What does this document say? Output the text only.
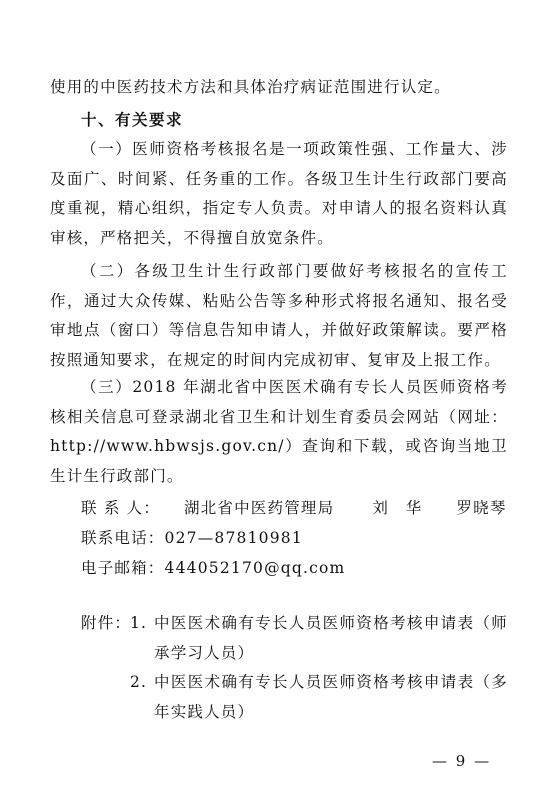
使用的中医药技术方法和具体治疗病证范围进行认定。

十、有关要求

（一）医师资格考核报名是一项政策性强、工作量大、涉及面广、时间紧、任务重的工作。各级卫生计生行政部门要高度重视，精心组织，指定专人负责。对申请人的报名资料认真审核，严格把关，不得擅自放宽条件。

（二）各级卫生计生行政部门要做好考核报名的宣传工作，通过大众传媒、粘贴公告等多种形式将报名通知、报名受审地点（窗口）等信息告知申请人，并做好政策解读。要严格按照通知要求，在规定的时间内完成初审、复审及上报工作。

（三）2018 年湖北省中医医术确有专长人员医师资格考核相关信息可登录湖北省卫生和计划生育委员会网站（网址：http://www.hbwsjs.gov.cn/）查询和下载，或咨询当地卫生计生行政部门。

联 系 人： 湖北省中医药管理局 刘　华 罗晓琴
联系电话：027—87810981
电子邮箱：444052170@qq.com
附件：
1. 中医医术确有专长人员医师资格考核申请表（师承学习人员）
2. 中医医术确有专长人员医师资格考核申请表（多年实践人员）
— 9 —
